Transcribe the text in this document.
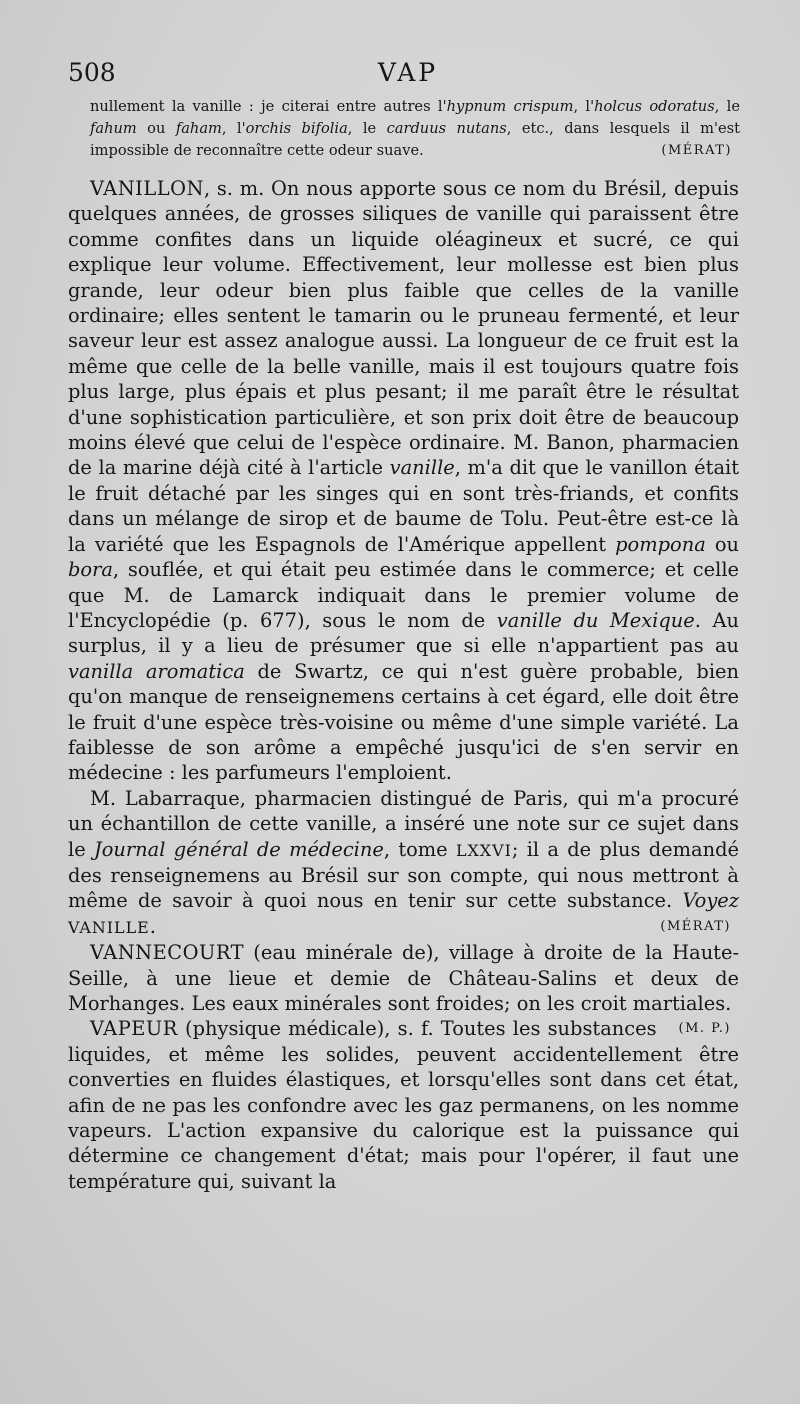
508	VAP
nullement la vanille : je citerai entre autres l'hypnum crispum, l'holcus odoratus, le fahum ou faham, l'orchis bifolia, le carduus nutans, etc., dans lesquels il m'est impossible de reconnaître cette odeur suave.	(MÉRAT)

VANILLON, s. m. On nous apporte sous ce nom du Brésil, depuis quelques années, de grosses siliques de vanille qui paraissent être comme confites dans un liquide oléagineux et sucré, ce qui explique leur volume. Effectivement, leur mollesse est bien plus grande, leur odeur bien plus faible que celles de la vanille ordinaire; elles sentent le tamarin ou le pruneau fermenté, et leur saveur leur est assez analogue aussi. La longueur de ce fruit est la même que celle de la belle vanille, mais il est toujours quatre fois plus large, plus épais et plus pesant; il me paraît être le résultat d'une sophistication particulière, et son prix doit être de beaucoup moins élevé que celui de l'espèce ordinaire. M. Banon, pharmacien de la marine déjà cité à l'article vanille, m'a dit que le vanillon était le fruit détaché par les singes qui en sont très-friands, et confits dans un mélange de sirop et de baume de Tolu. Peut-être est-ce là la variété que les Espagnols de l'Amérique appellent pompona ou bora, souflée, et qui était peu estimée dans le commerce; et celle que M. de Lamarck indiquait dans le premier volume de l'Encyclopédie (p. 677), sous le nom de vanille du Mexique. Au surplus, il y a lieu de présumer que si elle n'appartient pas au vanilla aromatica de Swartz, ce qui n'est guère probable, bien qu'on manque de renseignemens certains à cet égard, elle doit être le fruit d'une espèce très-voisine ou même d'une simple variété. La faiblesse de son arôme a empêché jusqu'ici de s'en servir en médecine : les parfumeurs l'emploient.

M. Labarraque, pharmacien distingué de Paris, qui m'a procuré un échantillon de cette vanille, a inséré une note sur ce sujet dans le Journal général de médecine, tome LXXVI; il a de plus demandé des renseignemens au Brésil sur son compte, qui nous mettront à même de savoir à quoi nous en tenir sur cette substance. Voyez VANILLE.	(MÉRAT)

VANNECOURT (eau minérale de), village à droite de la Haute-Seille, à une lieue et demie de Château-Salins et deux de Morhanges. Les eaux minérales sont froides; on les croit martiales.
(M. P.)

VAPEUR (physique médicale), s. f. Toutes les substances liquides, et même les solides, peuvent accidentellement être converties en fluides élastiques, et lorsqu'elles sont dans cet état, afin de ne pas les confondre avec les gaz permanens, on les nomme vapeurs. L'action expansive du calorique est la puissance qui détermine ce changement d'état; mais pour l'opérer, il faut une température qui, suivant la
